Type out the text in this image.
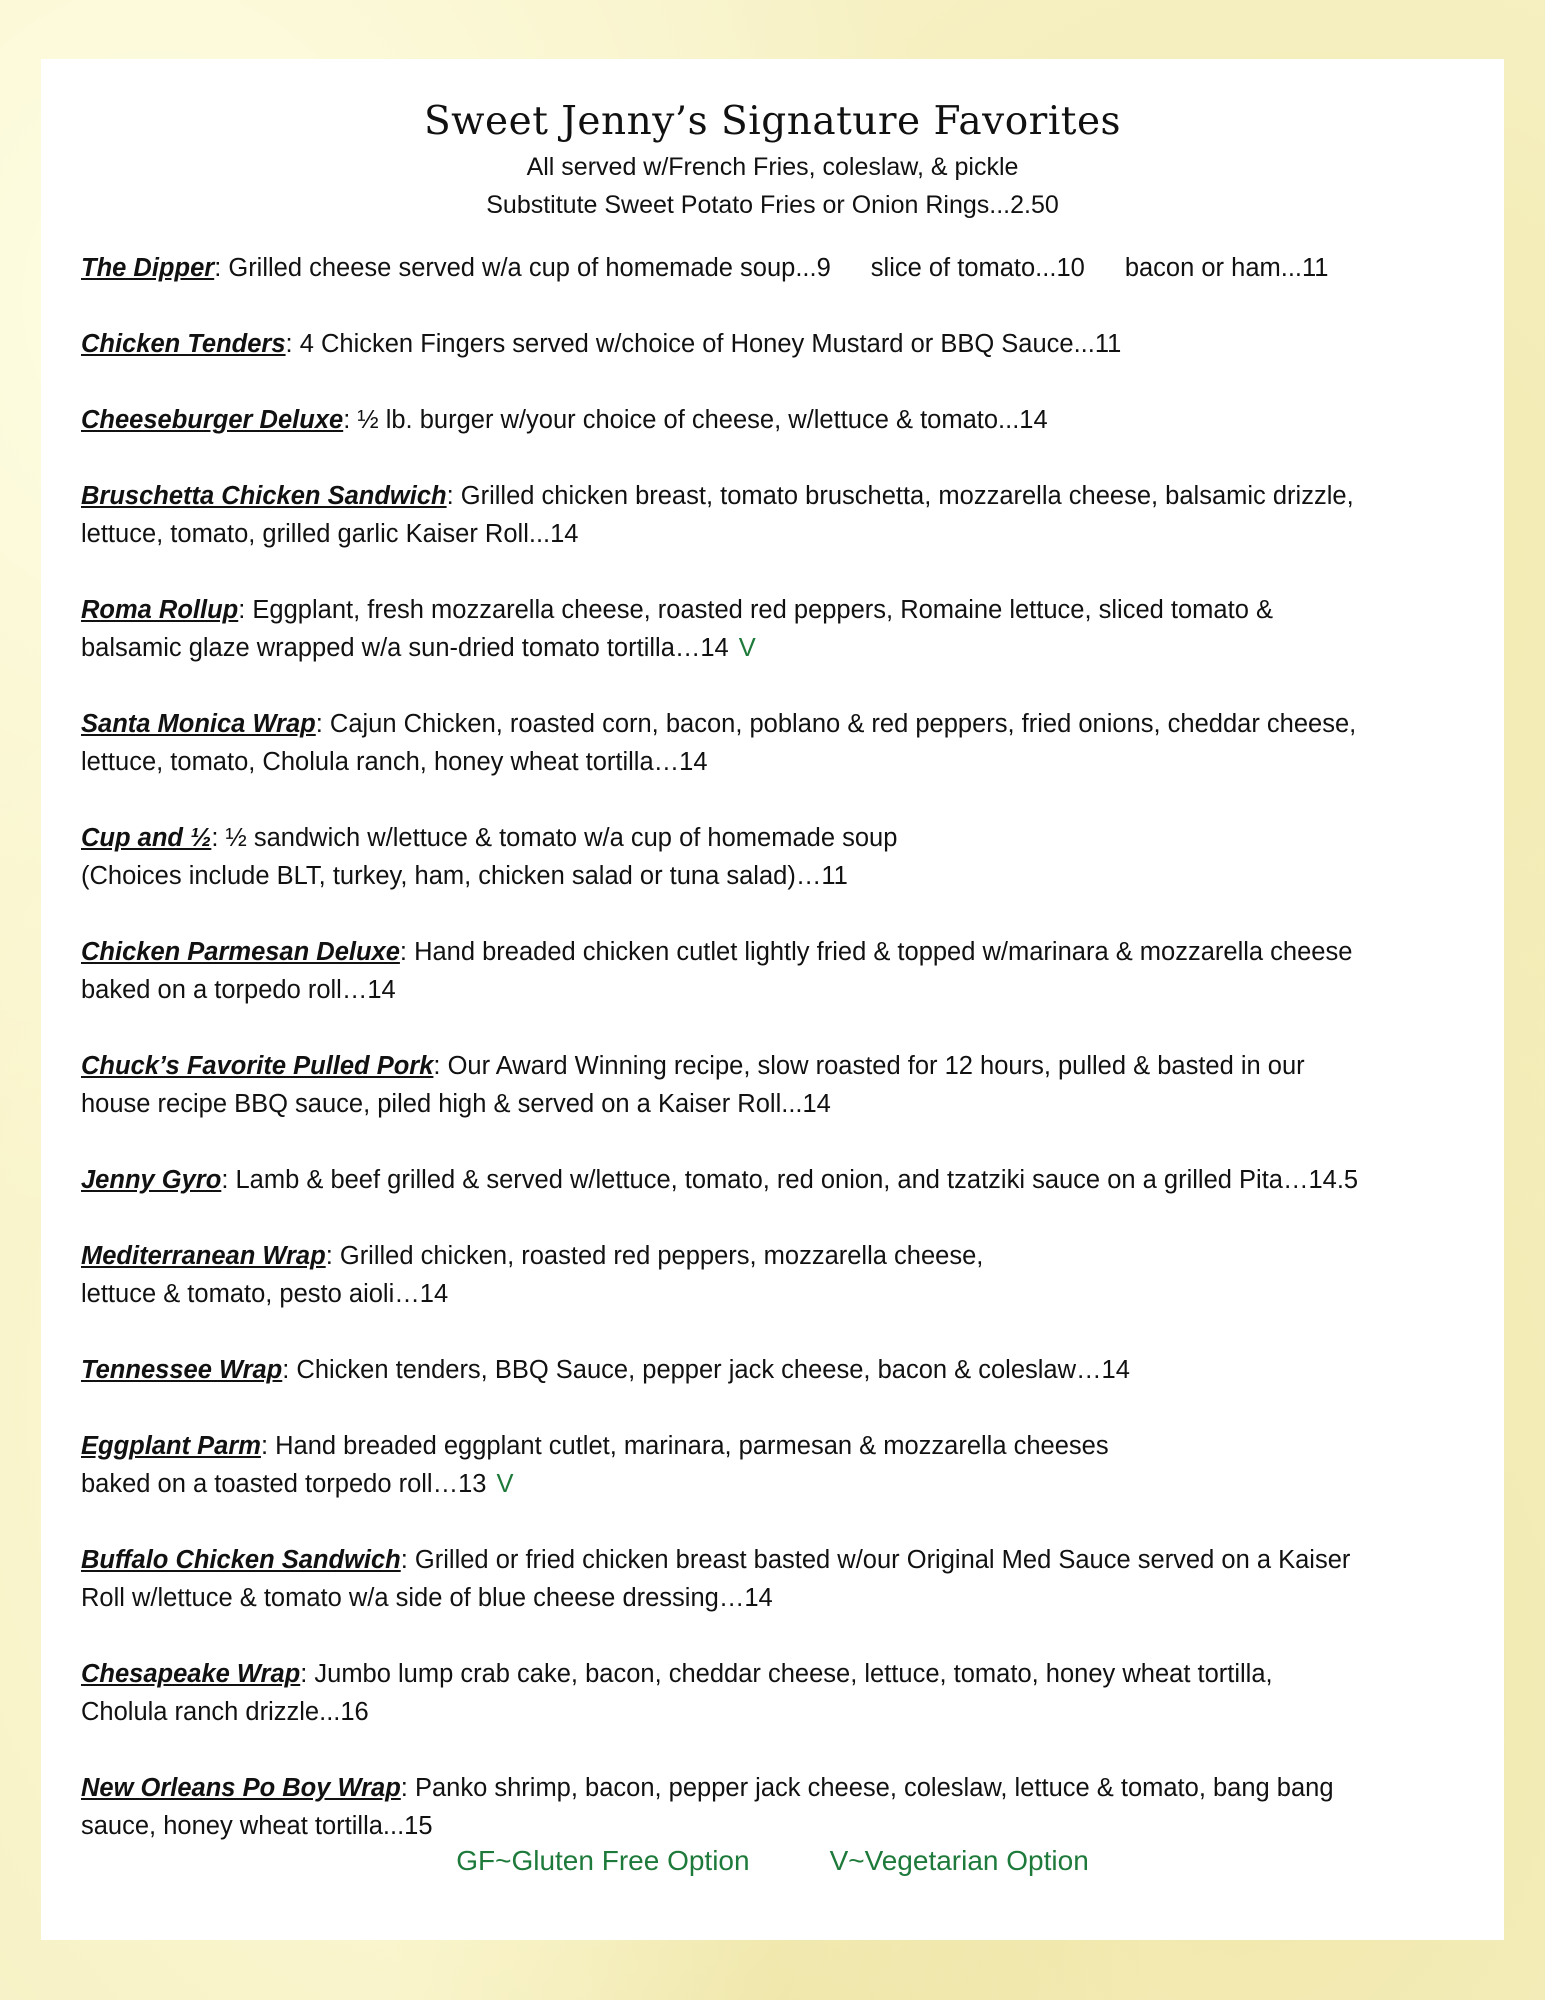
Sweet Jenny’s Signature Favorites
All served w/French Fries, coleslaw, & pickle
Substitute Sweet Potato Fries or Onion Rings...2.50
The Dipper: Grilled cheese served w/a cup of homemade soup...9 slice of tomato...10 bacon or ham...11
Chicken Tenders: 4 Chicken Fingers served w/choice of Honey Mustard or BBQ Sauce...11
Cheeseburger Deluxe: ½ lb. burger w/your choice of cheese, w/lettuce & tomato...14
Bruschetta Chicken Sandwich: Grilled chicken breast, tomato bruschetta, mozzarella cheese, balsamic drizzle,
lettuce, tomato, grilled garlic Kaiser Roll...14
Roma Rollup: Eggplant, fresh mozzarella cheese, roasted red peppers, Romaine lettuce, sliced tomato &
balsamic glaze wrapped w/a sun-dried tomato tortilla…14 V
Santa Monica Wrap: Cajun Chicken, roasted corn, bacon, poblano & red peppers, fried onions, cheddar cheese,
lettuce, tomato, Cholula ranch, honey wheat tortilla…14
Cup and ½: ½ sandwich w/lettuce & tomato w/a cup of homemade soup
(Choices include BLT, turkey, ham, chicken salad or tuna salad)…11
Chicken Parmesan Deluxe: Hand breaded chicken cutlet lightly fried & topped w/marinara & mozzarella cheese
baked on a torpedo roll…14
Chuck’s Favorite Pulled Pork: Our Award Winning recipe, slow roasted for 12 hours, pulled & basted in our
house recipe BBQ sauce, piled high & served on a Kaiser Roll...14
Jenny Gyro: Lamb & beef grilled & served w/lettuce, tomato, red onion, and tzatziki sauce on a grilled Pita…14.5
Mediterranean Wrap: Grilled chicken, roasted red peppers, mozzarella cheese,
lettuce & tomato, pesto aioli…14
Tennessee Wrap: Chicken tenders, BBQ Sauce, pepper jack cheese, bacon & coleslaw…14
Eggplant Parm: Hand breaded eggplant cutlet, marinara, parmesan & mozzarella cheeses
baked on a toasted torpedo roll…13 V
Buffalo Chicken Sandwich: Grilled or fried chicken breast basted w/our Original Med Sauce served on a Kaiser
Roll w/lettuce & tomato w/a side of blue cheese dressing…14
Chesapeake Wrap: Jumbo lump crab cake, bacon, cheddar cheese, lettuce, tomato, honey wheat tortilla,
Cholula ranch drizzle...16
New Orleans Po Boy Wrap: Panko shrimp, bacon, pepper jack cheese, coleslaw, lettuce & tomato, bang bang
sauce, honey wheat tortilla...15
GF~Gluten Free Option	V~Vegetarian Option
